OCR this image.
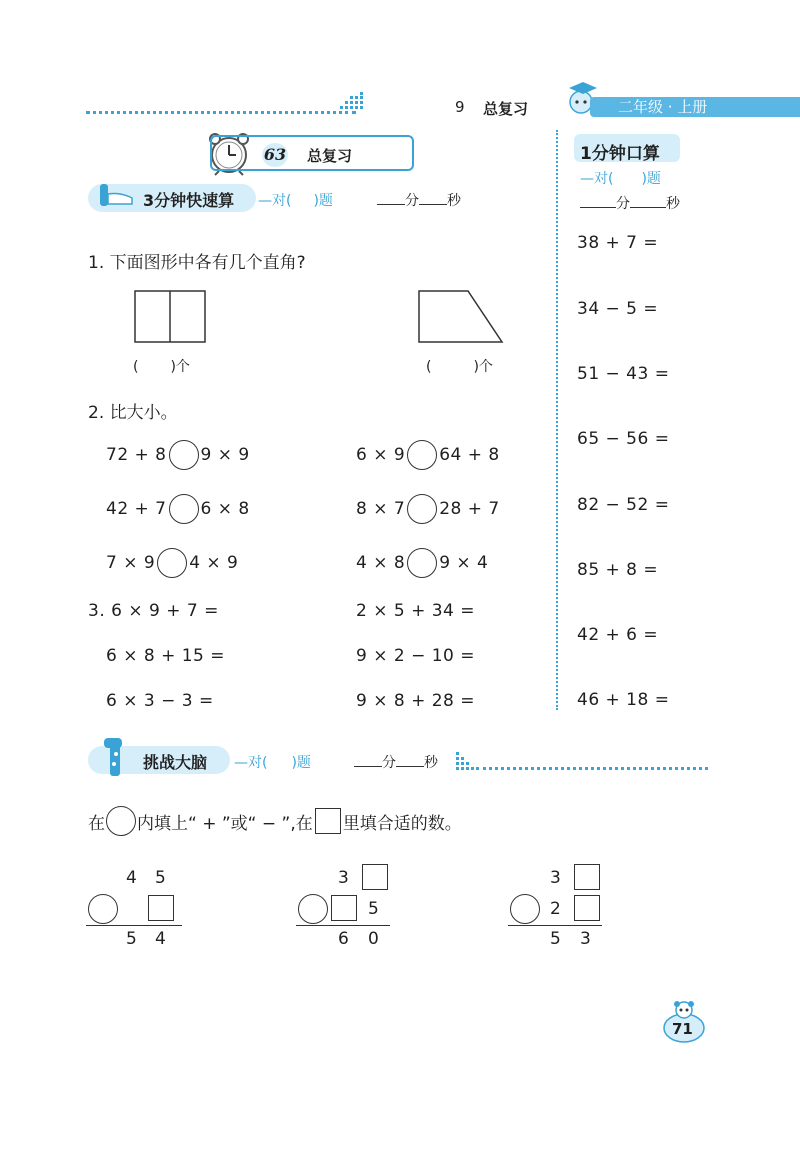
9 总复习	二年级 · 上册
63 总复习
3分钟快速算 —对( )题	分 秒
1. 下面图形中各有几个直角?
( )个	(	)个
2. 比大小。
72 + 8 9 × 9	6 × 9 64 + 8
42 + 7 6 × 8	8 × 7 28 + 7
7 × 9 4 × 9	4 × 8 9 × 4
3. 6 × 9 + 7 =	2 × 5 + 34 =
6 × 8 + 15 =	9 × 2 − 10 =
6 × 3 − 3 =	9 × 8 + 28 =
1分钟口算
—对( )题
分	秒
38 + 7 =
34 − 5 =
51 − 43 =
65 − 56 =
82 − 52 =
85 + 8 =
42 + 6 =
46 + 18 =
挑战大脑 —对( )题	分 秒
在 内填上“ + ”或“ − ”,在 里填合适的数。
4 5
5 4
3
5
6 0
3
2
5 3
71
